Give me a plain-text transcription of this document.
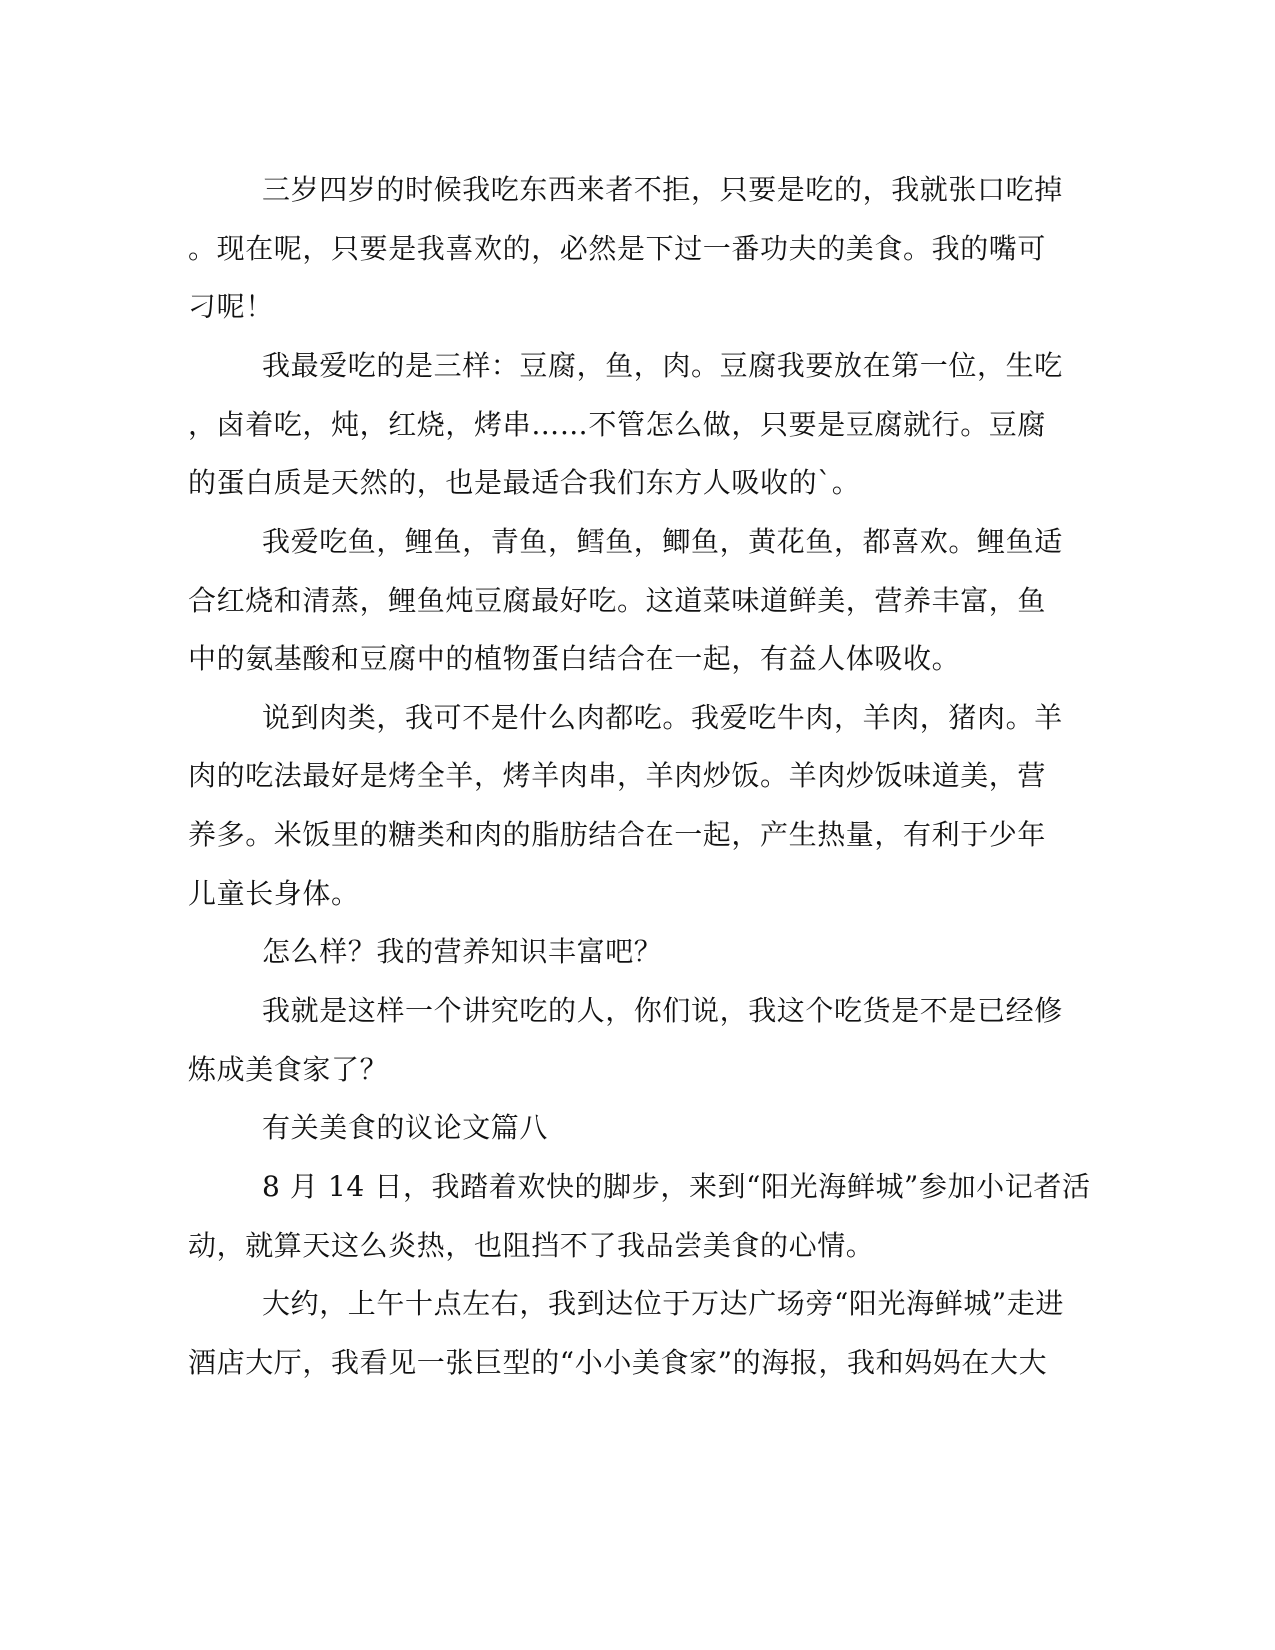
三岁四岁的时候我吃东西来者不拒，只要是吃的，我就张口吃掉
。现在呢，只要是我喜欢的，必然是下过一番功夫的美食。我的嘴可
刁呢！
我最爱吃的是三样：豆腐，鱼，肉。豆腐我要放在第一位，生吃
，卤着吃，炖，红烧，烤串……不管怎么做，只要是豆腐就行。豆腐
的蛋白质是天然的，也是最适合我们东方人吸收的`。
我爱吃鱼，鲤鱼，青鱼，鳕鱼，鲫鱼，黄花鱼，都喜欢。鲤鱼适
合红烧和清蒸，鲤鱼炖豆腐最好吃。这道菜味道鲜美，营养丰富，鱼
中的氨基酸和豆腐中的植物蛋白结合在一起，有益人体吸收。
说到肉类，我可不是什么肉都吃。我爱吃牛肉，羊肉，猪肉。羊
肉的吃法最好是烤全羊，烤羊肉串，羊肉炒饭。羊肉炒饭味道美，营
养多。米饭里的糖类和肉的脂肪结合在一起，产生热量，有利于少年
儿童长身体。
怎么样？我的营养知识丰富吧？
我就是这样一个讲究吃的人，你们说，我这个吃货是不是已经修
炼成美食家了？
有关美食的议论文篇八
8 月 14 日，我踏着欢快的脚步，来到“阳光海鲜城”参加小记者活
动，就算天这么炎热，也阻挡不了我品尝美食的心情。
大约，上午十点左右，我到达位于万达广场旁“阳光海鲜城”走进
酒店大厅，我看见一张巨型的“小小美食家”的海报，我和妈妈在大大
